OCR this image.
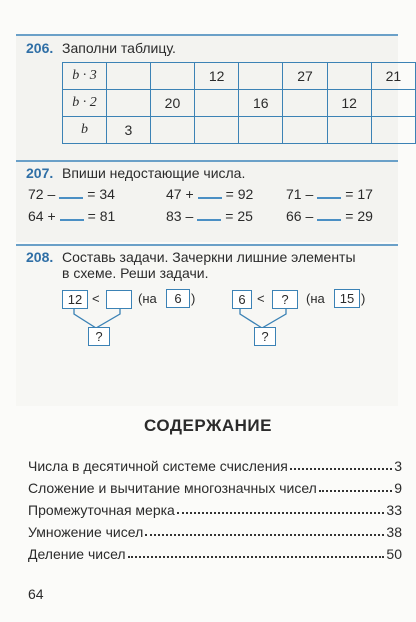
206. Заполни таблицу.
b · 3			12		27		21
b · 2		20		16		12	
b	3						
207. Впиши недостающие числа.
72 – = 34	47 + = 92 71 – = 17
64 + = 81	83 – = 25 66 – = 29
208. Составь задачи. Зачеркни лишние элементы
в схеме. Реши задачи.
12 <	(на	6 )
?
6 <	?	(на	15 )
?
СОДЕРЖАНИЕ
Числа в десятичной системе счисления	3
Сложение и вычитание многозначных чисел	9
Промежуточная мерка	33
Умножение чисел	38
Деление чисел	50
64
